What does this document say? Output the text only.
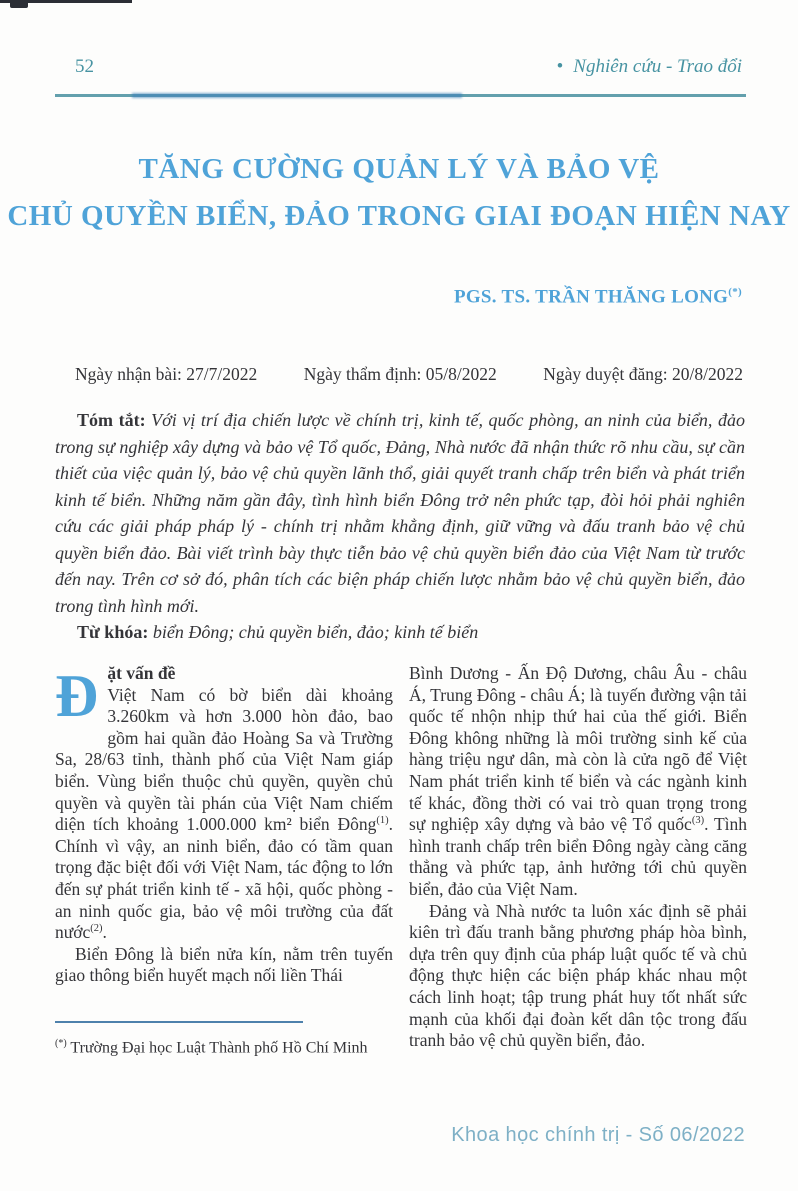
52	• Nghiên cứu - Trao đổi
TĂNG CƯỜNG QUẢN LÝ VÀ BẢO VỆ
CHỦ QUYỀN BIỂN, ĐẢO TRONG GIAI ĐOẠN HIỆN NAY
PGS. TS. TRẦN THĂNG LONG(*)
Ngày nhận bài: 27/7/2022	Ngày thẩm định: 05/8/2022	Ngày duyệt đăng: 20/8/2022

Tóm tắt: Với vị trí địa chiến lược về chính trị, kinh tế, quốc phòng, an ninh của biển, đảo trong sự nghiệp xây dựng và bảo vệ Tổ quốc, Đảng, Nhà nước đã nhận thức rõ nhu cầu, sự cần thiết của việc quản lý, bảo vệ chủ quyền lãnh thổ, giải quyết tranh chấp trên biển và phát triển kinh tế biển. Những năm gần đây, tình hình biển Đông trở nên phức tạp, đòi hỏi phải nghiên cứu các giải pháp pháp lý - chính trị nhằm khẳng định, giữ vững và đấu tranh bảo vệ chủ quyền biển đảo. Bài viết trình bày thực tiễn bảo vệ chủ quyền biển đảo của Việt Nam từ trước đến nay. Trên cơ sở đó, phân tích các biện pháp chiến lược nhằm bảo vệ chủ quyền biển, đảo trong tình hình mới.

Từ khóa: biển Đông; chủ quyền biển, đảo; kinh tế biển

Đ ặt vấn đề

Việt Nam có bờ biển dài khoảng 3.260km và hơn 3.000 hòn đảo, bao gồm hai quần đảo Hoàng Sa và Trường Sa, 28/63 tỉnh, thành phố của Việt Nam giáp biển. Vùng biển thuộc chủ quyền, quyền chủ quyền và quyền tài phán của Việt Nam chiếm diện tích khoảng 1.000.000 km² biển Đông$^{(1)}$. Chính vì vậy, an ninh biển, đảo có tầm quan trọng đặc biệt đối với Việt Nam, tác động to lớn đến sự phát triển kinh tế - xã hội, quốc phòng - an ninh quốc gia, bảo vệ môi trường của đất nước$^{(2)}$.

Biển Đông là biển nửa kín, nằm trên tuyến giao thông biển huyết mạch nối liền Thái

(*) Trường Đại học Luật Thành phố Hồ Chí Minh

Bình Dương - Ấn Độ Dương, châu Âu - châu Á, Trung Đông - châu Á; là tuyến đường vận tải quốc tế nhộn nhịp thứ hai của thế giới. Biển Đông không những là môi trường sinh kế của hàng triệu ngư dân, mà còn là cửa ngõ để Việt Nam phát triển kinh tế biển và các ngành kinh tế khác, đồng thời có vai trò quan trọng trong sự nghiệp xây dựng và bảo vệ Tổ quốc$^{(3)}$. Tình hình tranh chấp trên biển Đông ngày càng căng thẳng và phức tạp, ảnh hưởng tới chủ quyền biển, đảo của Việt Nam.

Đảng và Nhà nước ta luôn xác định sẽ phải kiên trì đấu tranh bằng phương pháp hòa bình, dựa trên quy định của pháp luật quốc tế và chủ động thực hiện các biện pháp khác nhau một cách linh hoạt; tập trung phát huy tốt nhất sức mạnh của khối đại đoàn kết dân tộc trong đấu tranh bảo vệ chủ quyền biển, đảo.

Khoa học chính trị - Số 06/2022
